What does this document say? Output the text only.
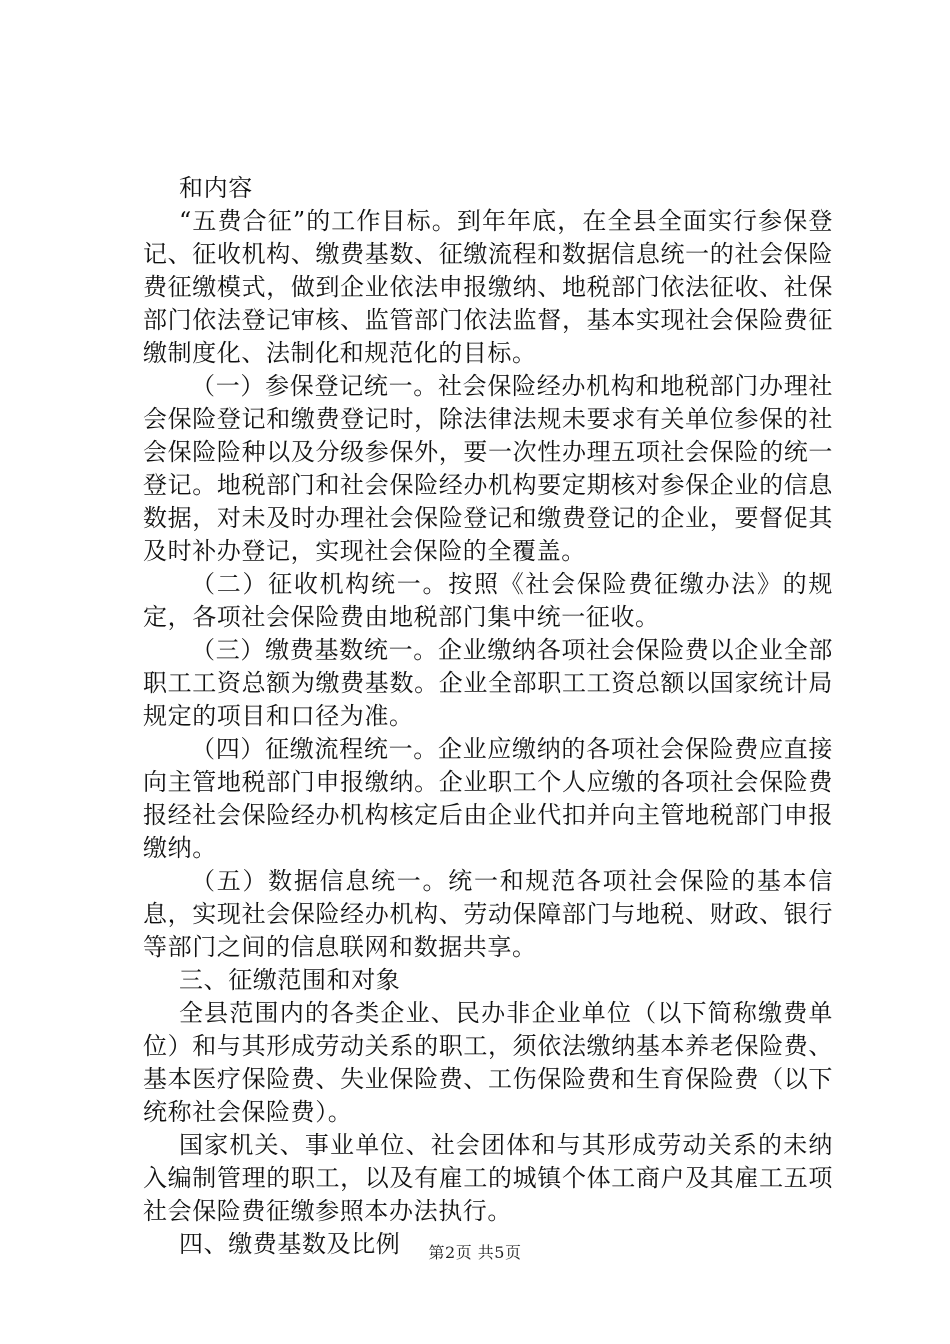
和内容

“五费合征”的工作目标。到年年底，在全县全面实行参保登记、征收机构、缴费基数、征缴流程和数据信息统一的社会保险费征缴模式，做到企业依法申报缴纳、地税部门依法征收、社保部门依法登记审核、监管部门依法监督，基本实现社会保险费征缴制度化、法制化和规范化的目标。

（一）参保登记统一。社会保险经办机构和地税部门办理社会保险登记和缴费登记时，除法律法规未要求有关单位参保的社会保险险种以及分级参保外，要一次性办理五项社会保险的统一登记。地税部门和社会保险经办机构要定期核对参保企业的信息数据，对未及时办理社会保险登记和缴费登记的企业，要督促其及时补办登记，实现社会保险的全覆盖。

（二）征收机构统一。按照《社会保险费征缴办法》的规定，各项社会保险费由地税部门集中统一征收。

（三）缴费基数统一。企业缴纳各项社会保险费以企业全部职工工资总额为缴费基数。企业全部职工工资总额以国家统计局规定的项目和口径为准。

（四）征缴流程统一。企业应缴纳的各项社会保险费应直接向主管地税部门申报缴纳。企业职工个人应缴的各项社会保险费报经社会保险经办机构核定后由企业代扣并向主管地税部门申报缴纳。

（五）数据信息统一。统一和规范各项社会保险的基本信息，实现社会保险经办机构、劳动保障部门与地税、财政、银行等部门之间的信息联网和数据共享。

三、征缴范围和对象

全县范围内的各类企业、民办非企业单位（以下简称缴费单位）和与其形成劳动关系的职工，须依法缴纳基本养老保险费、基本医疗保险费、失业保险费、工伤保险费和生育保险费（以下统称社会保险费）。

国家机关、事业单位、社会团体和与其形成劳动关系的未纳入编制管理的职工，以及有雇工的城镇个体工商户及其雇工五项社会保险费征缴参照本办法执行。

四、缴费基数及比例	第2页 共5页
